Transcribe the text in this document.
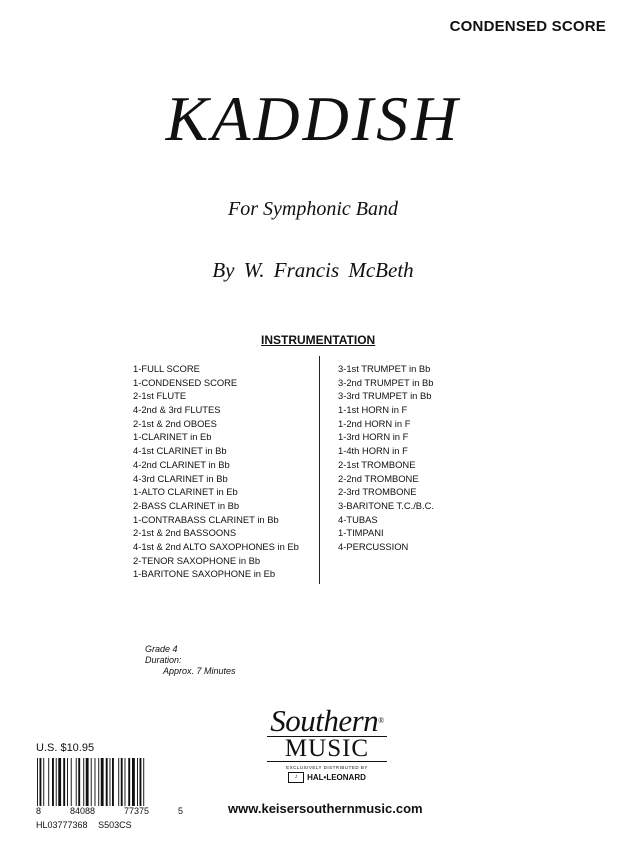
CONDENSED SCORE
KADDISH
For Symphonic Band
By W. Francis McBeth
INSTRUMENTATION
1-FULL SCORE
1-CONDENSED SCORE
2-1st FLUTE
4-2nd & 3rd FLUTES
2-1st & 2nd OBOES
1-CLARINET in Eb
4-1st CLARINET in Bb
4-2nd CLARINET in Bb
4-3rd CLARINET in Bb
1-ALTO CLARINET in Eb
2-BASS CLARINET in Bb
1-CONTRABASS CLARINET in Bb
2-1st & 2nd BASSOONS
4-1st & 2nd ALTO SAXOPHONES in Eb
2-TENOR SAXOPHONE in Bb
1-BARITONE SAXOPHONE in Eb
3-1st TRUMPET in Bb
3-2nd TRUMPET in Bb
3-3rd TRUMPET in Bb
1-1st HORN in F
1-2nd HORN in F
1-3rd HORN in F
1-4th HORN in F
2-1st TROMBONE
2-2nd TROMBONE
2-3rd TROMBONE
3-BARITONE T.C./B.C.
4-TUBAS
1-TIMPANI
4-PERCUSSION
Grade 4
Duration:
Approx. 7 Minutes
Southern®
MUSIC
EXCLUSIVELY DISTRIBUTED BY
♪	HAL•LEONARD
www.keisersouthernmusic.com
U.S. $10.95
8	84088	77375	5
HL03777368 S503CS
